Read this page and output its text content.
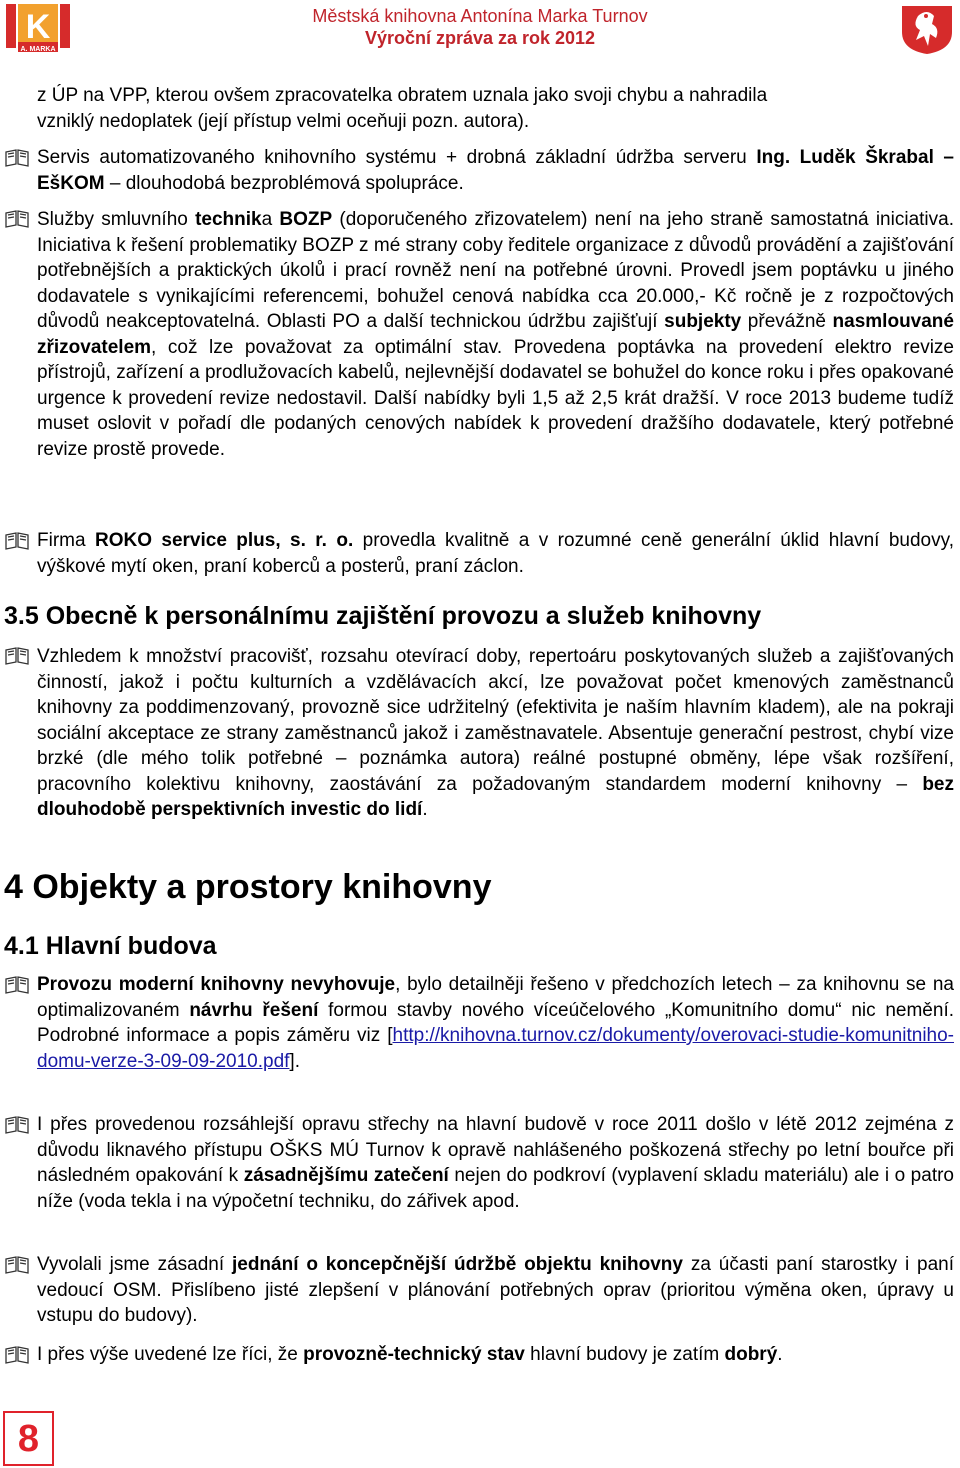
K
A. MARKA
Městská knihovna Antonína Marka Turnov
Výroční zpráva za rok 2012
z ÚP na VPP, kterou ovšem zpracovatelka obratem uznala jako svoji chybu a nahradila
vzniklý nedoplatek (její přístup velmi oceňuji pozn. autora).
Servis automatizovaného knihovního systému + drobná základní údržba serveru Ing. Luděk Škrabal – EšKOM – dlouhodobá bezproblémová spolupráce.
Služby smluvního technika BOZP (doporučeného zřizovatelem) není na jeho straně samostatná iniciativa. Iniciativa k řešení problematiky BOZP z mé strany coby ředitele organizace z důvodů provádění a zajišťování potřebnějších a praktických úkolů i prací rovněž není na potřebné úrovni. Provedl jsem poptávku u jiného dodavatele s vynikajícími referencemi, bohužel cenová nabídka cca 20.000,- Kč ročně je z rozpočtových důvodů neakceptovatelná. Oblasti PO a další technickou údržbu zajišťují subjekty převážně nasmlouvané zřizovatelem, což lze považovat za optimální stav. Provedena poptávka na provedení elektro revize přístrojů, zařízení a prodlužovacích kabelů, nejlevnější dodavatel se bohužel do konce roku i přes opakované urgence k provedení revize nedostavil. Další nabídky byli 1,5 až 2,5 krát dražší. V roce 2013 budeme tudíž muset oslovit v pořadí dle podaných cenových nabídek k provedení dražšího dodavatele, který potřebné revize prostě provede.
Firma ROKO service plus, s. r. o. provedla kvalitně a v rozumné ceně generální úklid hlavní budovy, výškové mytí oken, praní koberců a posterů, praní záclon.
3.5 Obecně k personálnímu zajištění provozu a služeb knihovny
Vzhledem k množství pracovišť, rozsahu otevírací doby, repertoáru poskytovaných služeb a zajišťovaných činností, jakož i počtu kulturních a vzdělávacích akcí, lze považovat počet kmenových zaměstnanců knihovny za poddimenzovaný, provozně sice udržitelný (efektivita je naším hlavním kladem), ale na pokraji sociální akceptace ze strany zaměstnanců jakož i zaměstnavatele. Absentuje generační pestrost, chybí vize brzké (dle mého tolik potřebné – poznámka autora) reálné postupné obměny, lépe však rozšíření, pracovního kolektivu knihovny, zaostávání za požadovaným standardem moderní knihovny – bez dlouhodobě perspektivních investic do lidí.
4 Objekty a prostory knihovny
4.1 Hlavní budova
Provozu moderní knihovny nevyhovuje, bylo detailněji řešeno v předchozích letech – za knihovnu se na optimalizovaném návrhu řešení formou stavby nového víceúčelového „Komunitního domu“ nic nemění. Podrobné informace a popis záměru viz [http://knihovna.turnov.cz/dokumenty/overovaci-studie-komunitniho-domu-verze-3-09-09-2010.pdf].
I přes provedenou rozsáhlejší opravu střechy na hlavní budově v roce 2011 došlo v létě 2012 zejména z důvodu liknavého přístupu OŠKS MÚ Turnov k opravě nahlášeného poškozená střechy po letní bouřce při následném opakování k zásadnějšímu zatečení nejen do podkroví (vyplavení skladu materiálu) ale i o patro níže (voda tekla i na výpočetní techniku, do zářivek apod.
Vyvolali jsme zásadní jednání o koncepčnější údržbě objektu knihovny za účasti paní starostky i paní vedoucí OSM. Přislíbeno jisté zlepšení v plánování potřebných oprav (prioritou výměna oken, úpravy u vstupu do budovy).
I přes výše uvedené lze říci, že provozně-technický stav hlavní budovy je zatím dobrý.
8
